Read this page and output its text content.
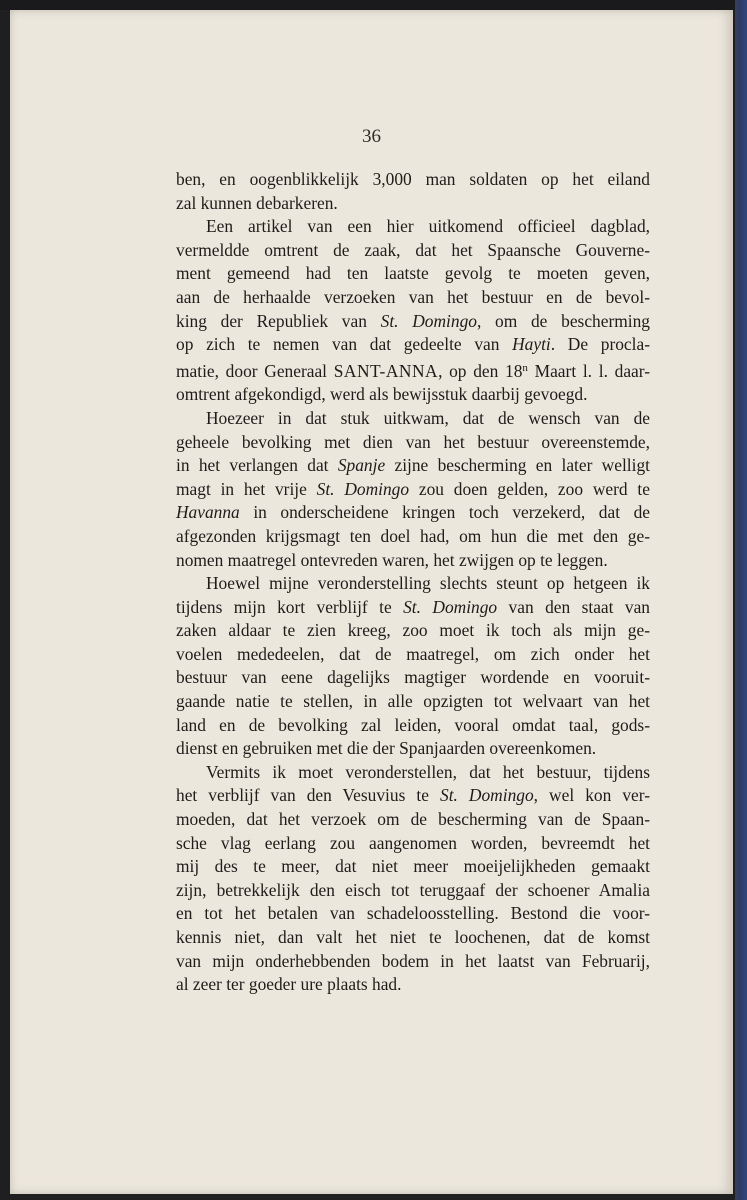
36
ben, en oogenblikkelijk 3,000 man soldaten op het eiland
zal kunnen debarkeren.
Een artikel van een hier uitkomend officieel dagblad,
vermeldde omtrent de zaak, dat het Spaansche Gouverne-
ment gemeend had ten laatste gevolg te moeten geven,
aan de herhaalde verzoeken van het bestuur en de bevol-
king der Republiek van St. Domingo, om de bescherming
op zich te nemen van dat gedeelte van Hayti. De procla-
matie, door Generaal SANT-ANNA, op den 18$^n$ Maart l. l. daar-
omtrent afgekondigd, werd als bewijsstuk daarbij gevoegd.
Hoezeer in dat stuk uitkwam, dat de wensch van de
geheele bevolking met dien van het bestuur overeenstemde,
in het verlangen dat Spanje zijne bescherming en later welligt
magt in het vrije St. Domingo zou doen gelden, zoo werd te
Havanna in onderscheidene kringen toch verzekerd, dat de
afgezonden krijgsmagt ten doel had, om hun die met den ge-
nomen maatregel ontevreden waren, het zwijgen op te leggen.
Hoewel mijne veronderstelling slechts steunt op hetgeen ik
tijdens mijn kort verblijf te St. Domingo van den staat van
zaken aldaar te zien kreeg, zoo moet ik toch als mijn ge-
voelen mededeelen, dat de maatregel, om zich onder het
bestuur van eene dagelijks magtiger wordende en vooruit-
gaande natie te stellen, in alle opzigten tot welvaart van het
land en de bevolking zal leiden, vooral omdat taal, gods-
dienst en gebruiken met die der Spanjaarden overeenkomen.
Vermits ik moet veronderstellen, dat het bestuur, tijdens
het verblijf van den Vesuvius te St. Domingo, wel kon ver-
moeden, dat het verzoek om de bescherming van de Spaan-
sche vlag eerlang zou aangenomen worden, bevreemdt het
mij des te meer, dat niet meer moeijelijkheden gemaakt
zijn, betrekkelijk den eisch tot teruggaaf der schoener Amalia
en tot het betalen van schadeloosstelling. Bestond die voor-
kennis niet, dan valt het niet te loochenen, dat de komst
van mijn onderhebbenden bodem in het laatst van Februarij,
al zeer ter goeder ure plaats had.
